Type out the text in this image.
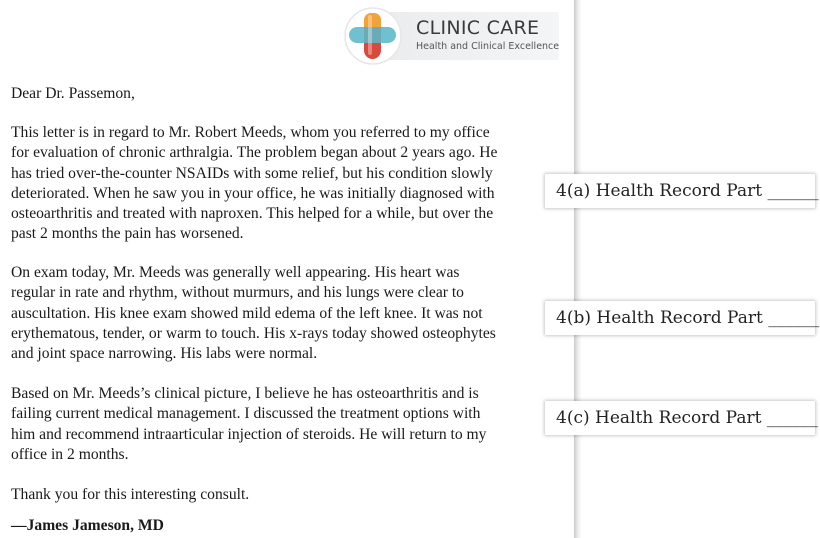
CLINIC CARE
Health and Clinical Excellence

Dear Dr. Passemon,

This letter is in regard to Mr. Robert Meeds, whom you referred to my office
for evaluation of chronic arthralgia. The problem began about 2 years ago. He
has tried over-the-counter NSAIDs with some relief, but his condition slowly
deteriorated. When he saw you in your office, he was initially diagnosed with
osteoarthritis and treated with naproxen. This helped for a while, but over the
past 2 months the pain has worsened.

On exam today, Mr. Meeds was generally well appearing. His heart was
regular in rate and rhythm, without murmurs, and his lungs were clear to
auscultation. His knee exam showed mild edema of the left knee. It was not
erythematous, tender, or warm to touch. His x-rays today showed osteophytes
and joint space narrowing. His labs were normal.

Based on Mr. Meeds’s clinical picture, I believe he has osteoarthritis and is
failing current medical management. I discussed the treatment options with
him and recommend intraarticular injection of steroids. He will return to my
office in 2 months.

Thank you for this interesting consult.

—James Jameson, MD

4(a) Health Record Part ______
4(b) Health Record Part ______
4(c) Health Record Part ______
